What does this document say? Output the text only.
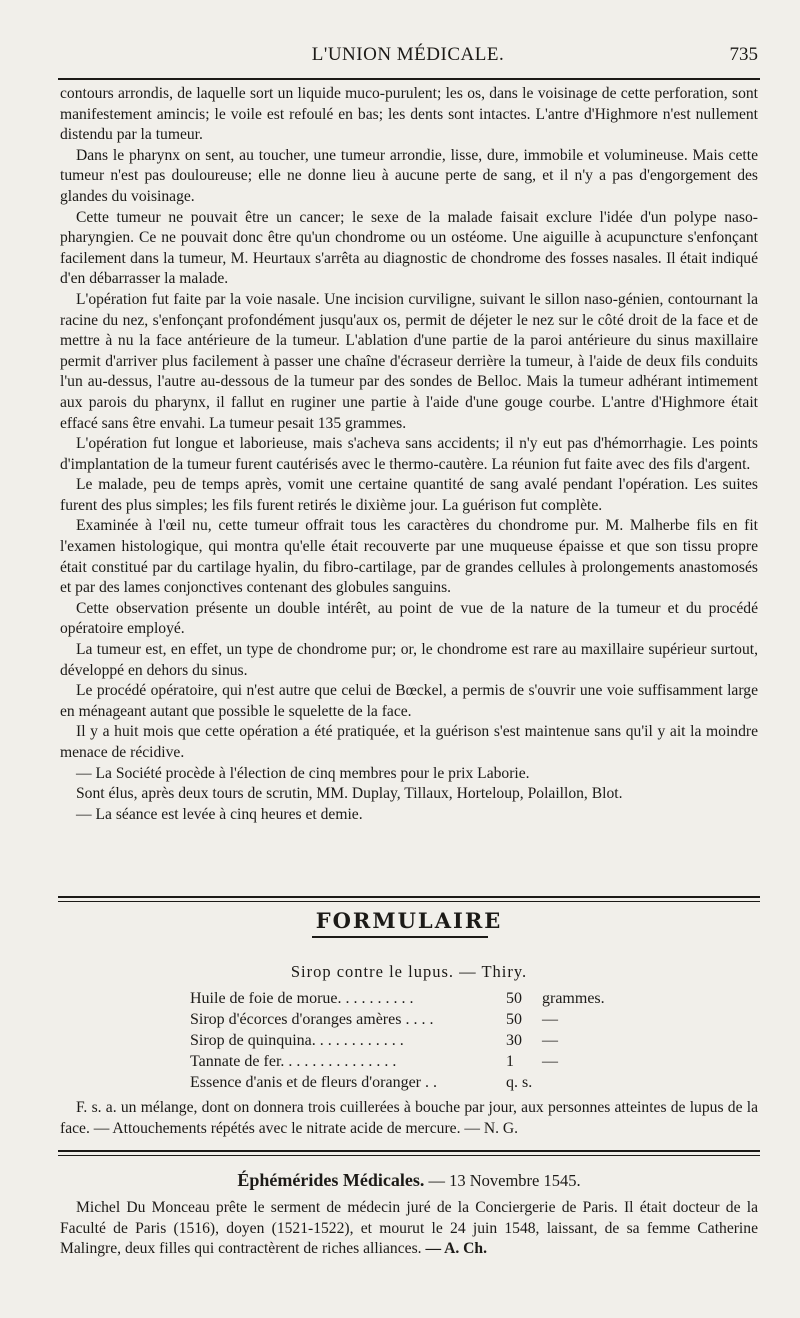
L'UNION MÉDICALE.	735

contours arrondis, de laquelle sort un liquide muco-purulent; les os, dans le voisinage de cette perforation, sont manifestement amincis; le voile est refoulé en bas; les dents sont intactes. L'antre d'Highmore n'est nullement distendu par la tumeur.

Dans le pharynx on sent, au toucher, une tumeur arrondie, lisse, dure, immobile et volumineuse. Mais cette tumeur n'est pas douloureuse; elle ne donne lieu à aucune perte de sang, et il n'y a pas d'engorgement des glandes du voisinage.

Cette tumeur ne pouvait être un cancer; le sexe de la malade faisait exclure l'idée d'un polype naso-pharyngien. Ce ne pouvait donc être qu'un chondrome ou un ostéome. Une aiguille à acupuncture s'enfonçant facilement dans la tumeur, M. Heurtaux s'arrêta au diagnostic de chondrome des fosses nasales. Il était indiqué d'en débarrasser la malade.

L'opération fut faite par la voie nasale. Une incision curviligne, suivant le sillon naso-génien, contournant la racine du nez, s'enfonçant profondément jusqu'aux os, permit de déjeter le nez sur le côté droit de la face et de mettre à nu la face antérieure de la tumeur. L'ablation d'une partie de la paroi antérieure du sinus maxillaire permit d'arriver plus facilement à passer une chaîne d'écraseur derrière la tumeur, à l'aide de deux fils conduits l'un au-dessus, l'autre au-dessous de la tumeur par des sondes de Belloc. Mais la tumeur adhérant intimement aux parois du pharynx, il fallut en ruginer une partie à l'aide d'une gouge courbe. L'antre d'Highmore était effacé sans être envahi. La tumeur pesait 135 grammes.

L'opération fut longue et laborieuse, mais s'acheva sans accidents; il n'y eut pas d'hémorrhagie. Les points d'implantation de la tumeur furent cautérisés avec le thermo-cautère. La réunion fut faite avec des fils d'argent.

Le malade, peu de temps après, vomit une certaine quantité de sang avalé pendant l'opération. Les suites furent des plus simples; les fils furent retirés le dixième jour. La guérison fut complète.

Examinée à l'œil nu, cette tumeur offrait tous les caractères du chondrome pur. M. Malherbe fils en fit l'examen histologique, qui montra qu'elle était recouverte par une muqueuse épaisse et que son tissu propre était constitué par du cartilage hyalin, du fibro-cartilage, par de grandes cellules à prolongements anastomosés et par des lames conjonctives contenant des globules sanguins.

Cette observation présente un double intérêt, au point de vue de la nature de la tumeur et du procédé opératoire employé.

La tumeur est, en effet, un type de chondrome pur; or, le chondrome est rare au maxillaire supérieur surtout, développé en dehors du sinus.

Le procédé opératoire, qui n'est autre que celui de Bœckel, a permis de s'ouvrir une voie suffisamment large en ménageant autant que possible le squelette de la face.

Il y a huit mois que cette opération a été pratiquée, et la guérison s'est maintenue sans qu'il y ait la moindre menace de récidive.

— La Société procède à l'élection de cinq membres pour le prix Laborie.

Sont élus, après deux tours de scrutin, MM. Duplay, Tillaux, Horteloup, Polaillon, Blot.

— La séance est levée à cinq heures et demie.

FORMULAIRE
Sirop contre le lupus. — Thiry.
Huile de foie de morue. . . . . . . . . .	50 grammes.
Sirop d'écorces d'oranges amères . . . .	50 —
Sirop de quinquina. . . . . . . . . . . .	30 —
Tannate de fer. . . . . . . . . . . . . . .	1 —
Essence d'anis et de fleurs d'oranger . .	q. s.

F. s. a. un mélange, dont on donnera trois cuillerées à bouche par jour, aux personnes atteintes de lupus de la face. — Attouchements répétés avec le nitrate acide de mercure. — N. G.

Éphémérides Médicales. — 13 Novembre 1545.

Michel Du Monceau prête le serment de médecin juré de la Conciergerie de Paris. Il était docteur de la Faculté de Paris (1516), doyen (1521-1522), et mourut le 24 juin 1548, laissant, de sa femme Catherine Malingre, deux filles qui contractèrent de riches alliances. — A. Ch.
